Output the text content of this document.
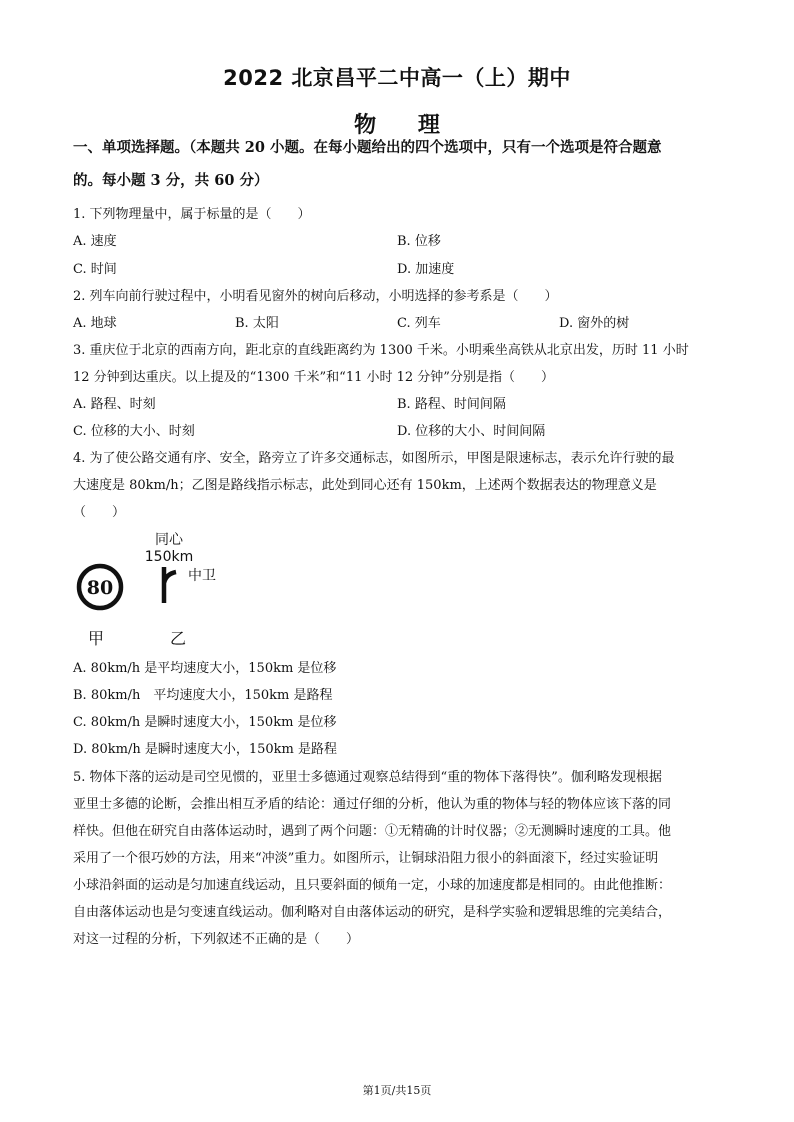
2022 北京昌平二中高一（上）期中
物 理
一、单项选择题。（本题共 20 小题。在每小题给出的四个选项中，只有一个选项是符合题意
的。每小题 3 分，共 60 分）
1. 下列物理量中，属于标量的是（　　）
A. 速度	B. 位移
C. 时间	D. 加速度
2. 列车向前行驶过程中，小明看见窗外的树向后移动，小明选择的参考系是（　　）
A. 地球	B. 太阳	C. 列车	D. 窗外的树
3. 重庆位于北京的西南方向，距北京的直线距离约为 1300 千米。小明乘坐高铁从北京出发，历时 11 小时
12 分钟到达重庆。以上提及的“1300 千米”和“11 小时 12 分钟”分别是指（　　）
A. 路程、时刻	B. 路程、时间间隔
C. 位移的大小、时刻	D. 位移的大小、时间间隔
4. 为了使公路交通有序、安全，路旁立了许多交通标志，如图所示，甲图是限速标志，表示允许行驶的最
大速度是 80km/h；乙图是路线指示标志，此处到同心还有 150km，上述两个数据表达的物理意义是
（　　）
80
同心
150km
中卫
甲	乙
A. 80km/h 是平均速度大小，150km 是位移
B. 80km/h　平均速度大小，150km 是路程
C. 80km/h 是瞬时速度大小，150km 是位移
D. 80km/h 是瞬时速度大小，150km 是路程
5. 物体下落的运动是司空见惯的，亚里士多德通过观察总结得到“重的物体下落得快”。伽利略发现根据
亚里士多德的论断，会推出相互矛盾的结论：通过仔细的分析，他认为重的物体与轻的物体应该下落的同
样快。但他在研究自由落体运动时，遇到了两个问题：①无精确的计时仪器；②无测瞬时速度的工具。他
采用了一个很巧妙的方法，用来“冲淡”重力。如图所示，让铜球沿阻力很小的斜面滚下，经过实验证明
小球沿斜面的运动是匀加速直线运动，且只要斜面的倾角一定，小球的加速度都是相同的。由此他推断：
自由落体运动也是匀变速直线运动。伽利略对自由落体运动的研究，是科学实验和逻辑思维的完美结合，
对这一过程的分析，下列叙述不正确的是（　　）
第1页/共15页
